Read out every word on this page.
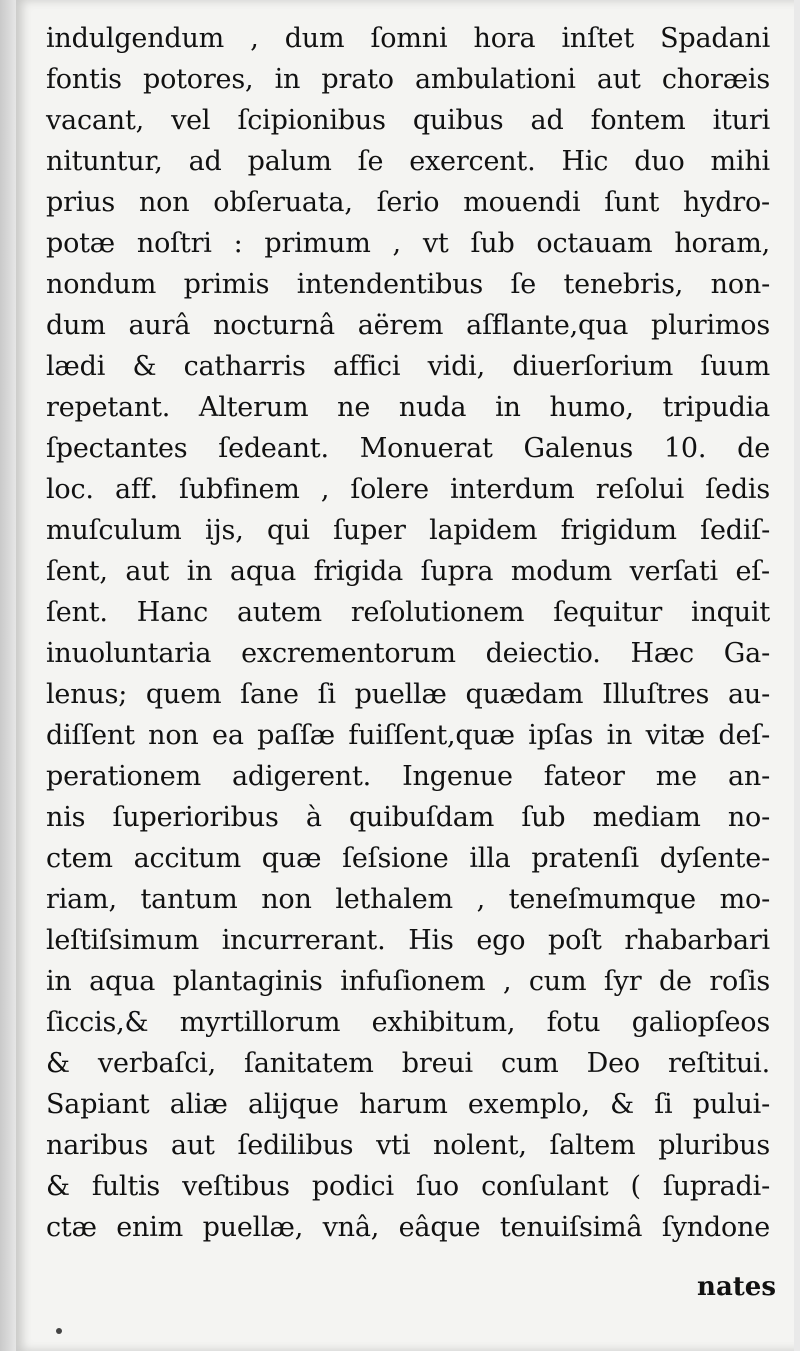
indulgendum , dum ſomni hora inſtet Spadani
fontis potores, in prato ambulationi aut choræis
vacant, vel ſcipionibus quibus ad fontem ituri
nituntur, ad palum ſe exercent. Hic duo mihi
prius non obſeruata, ſerio mouendi ſunt hydro-
potæ noſtri : primum , vt ſub octauam horam,
nondum primis intendentibus ſe tenebris, non-
dum aurâ nocturnâ aërem aſflante,qua plurimos
lædi & catharris affici vidi, diuerſorium ſuum
repetant. Alterum ne nuda in humo, tripudia
ſpectantes ſedeant. Monuerat Galenus 10. de
loc. aff. ſubfinem , ſolere interdum reſolui ſedis
muſculum ijs, qui ſuper lapidem frigidum ſediſ-
ſent, aut in aqua frigida ſupra modum verſati eſ-
ſent. Hanc autem reſolutionem ſequitur inquit
inuoluntaria excrementorum deiectio. Hæc Ga-
lenus; quem ſane ſi puellæ quædam Illuſtres au-
diſſent non ea paſſæ fuiſſent,quæ ipſas in vitæ deſ-
perationem adigerent. Ingenue fateor me an-
nis ſuperioribus à quibuſdam ſub mediam no-
ctem accitum quæ ſeſsione illa pratenſi dyſente-
riam, tantum non lethalem , teneſmumque mo-
leſtiſsimum incurrerant. His ego poſt rhabarbari
in aqua plantaginis infuſionem , cum ſyr de roſis
ſiccis,& myrtillorum exhibitum, fotu galiopſeos
& verbaſci, ſanitatem breui cum Deo reſtitui.
Sapiant aliæ alijque harum exemplo, & ſi pului-
naribus aut ſedilibus vti nolent, ſaltem pluribus
& fultis veſtibus podici ſuo conſulant ( ſupradi-
ctæ enim puellæ, vnâ, eâque tenuiſsimâ ſyndone
nates
